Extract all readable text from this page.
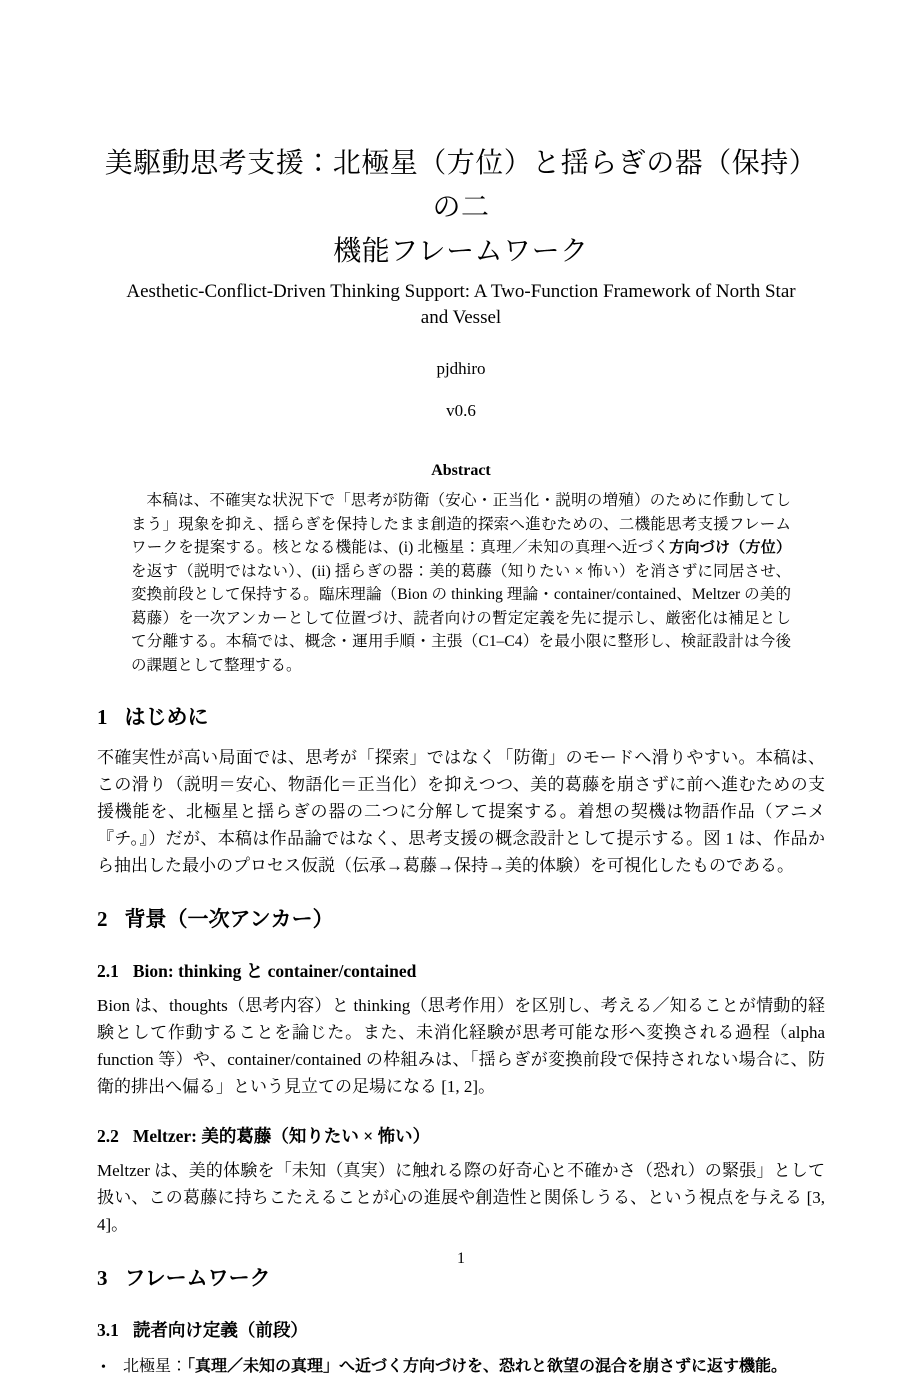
美駆動思考支援：北極星（方位）と揺らぎの器（保持）の二
機能フレームワーク
Aesthetic-Conflict-Driven Thinking Support: A Two-Function Framework of North Star
and Vessel
pjdhiro
v0.6
Abstract
本稿は、不確実な状況下で「思考が防衛（安心・正当化・説明の増殖）のために作動してしまう」現象を抑え、揺らぎを保持したまま創造的探索へ進むための、二機能思考支援フレームワークを提案する。核となる機能は、(i) 北極星：真理／未知の真理へ近づく方向づけ（方位）を返す（説明ではない）、(ii) 揺らぎの器：美的葛藤（知りたい × 怖い）を消さずに同居させ、変換前段として保持する。臨床理論（Bion の thinking 理論・container/contained、Meltzer の美的葛藤）を一次アンカーとして位置づけ、読者向けの暫定定義を先に提示し、厳密化は補足として分離する。本稿では、概念・運用手順・主張（C1–C4）を最小限に整形し、検証設計は今後の課題として整理する。
1 はじめに

不確実性が高い局面では、思考が「探索」ではなく「防衛」のモードへ滑りやすい。本稿は、この滑り（説明＝安心、物語化＝正当化）を抑えつつ、美的葛藤を崩さずに前へ進むための支援機能を、北極星と揺らぎの器の二つに分解して提案する。着想の契機は物語作品（アニメ『チ。』）だが、本稿は作品論ではなく、思考支援の概念設計として提示する。図 1 は、作品から抽出した最小のプロセス仮説（伝承→葛藤→保持→美的体験）を可視化したものである。

2 背景（一次アンカー）
2.1 Bion: thinking と container/contained

Bion は、thoughts（思考内容）と thinking（思考作用）を区別し、考える／知ることが情動的経験として作動することを論じた。また、未消化経験が思考可能な形へ変換される過程（alpha function 等）や、container/contained の枠組みは、「揺らぎが変換前段で保持されない場合に、防衛的排出へ偏る」という見立ての足場になる [1, 2]。

2.2 Meltzer: 美的葛藤（知りたい × 怖い）

Meltzer は、美的体験を「未知（真実）に触れる際の好奇心と不確かさ（恐れ）の緊張」として扱い、この葛藤に持ちこたえることが心の進展や創造性と関係しうる、という視点を与える [3, 4]。

3 フレームワーク
3.1 読者向け定義（前段）
•	北極星：「真理／未知の真理」へ近づく方向づけを、恐れと欲望の混合を崩さずに返す機能。
1
